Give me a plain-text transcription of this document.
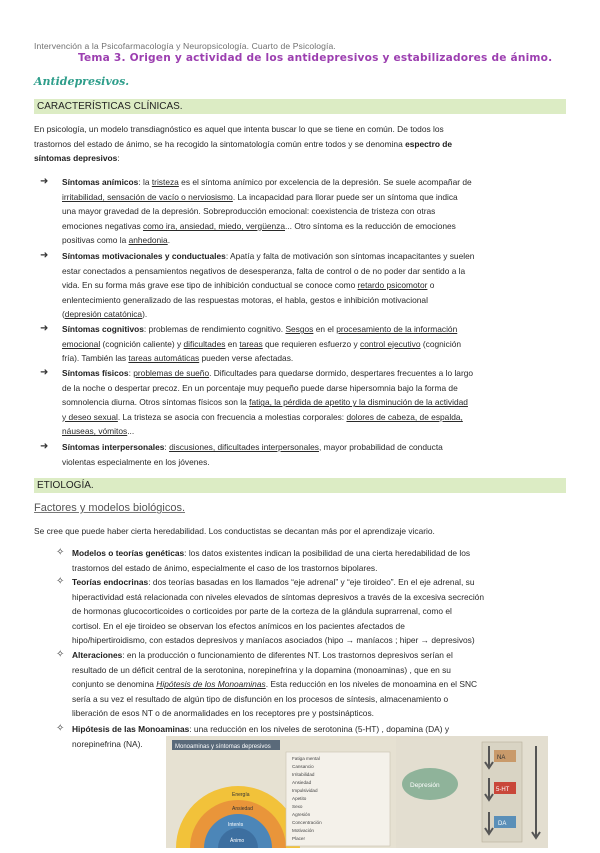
Intervención a la Psicofarmacología y Neuropsicología. Cuarto de Psicología.
Tema 3. Origen y actividad de los antidepresivos y estabilizadores de ánimo.
Antidepresivos.
CARACTERÍSTICAS CLÍNICAS.

En psicología, un modelo transdiagnóstico es aquel que intenta buscar lo que se tiene en común. De todos los
trastornos del estado de ánimo, se ha recogido la sintomatología común entre todos y se denomina espectro de
síntomas depresivos:

➜ Síntomas anímicos: la tristeza es el síntoma anímico por excelencia de la depresión. Se suele acompañar de
irritabilidad, sensación de vacío o nerviosismo. La incapacidad para llorar puede ser un síntoma que indica
una mayor gravedad de la depresión. Sobreproducción emocional: coexistencia de tristeza con otras
emociones negativas como ira, ansiedad, miedo, vergüenza... Otro síntoma es la reducción de emociones
positivas como la anhedonia.

➜ Síntomas motivacionales y conductuales: Apatía y falta de motivación son síntomas incapacitantes y suelen
estar conectados a pensamientos negativos de desesperanza, falta de control o de no poder dar sentido a la
vida. En su forma más grave ese tipo de inhibición conductual se conoce como retardo psicomotor o
enlentecimiento generalizado de las respuestas motoras, el habla, gestos e inhibición motivacional
(depresión catatónica).

➜ Síntomas cognitivos: problemas de rendimiento cognitivo. Sesgos en el procesamiento de la información
emocional (cognición caliente) y dificultades en tareas que requieren esfuerzo y control ejecutivo (cognición
fría). También las tareas automáticas pueden verse afectadas.

➜ Síntomas físicos: problemas de sueño. Dificultades para quedarse dormido, despertares frecuentes a lo largo
de la noche o despertar precoz. En un porcentaje muy pequeño puede darse hipersomnia bajo la forma de
somnolencia diurna. Otros síntomas físicos son la fatiga, la pérdida de apetito y la disminución de la actividad
y deseo sexual. La tristeza se asocia con frecuencia a molestias corporales: dolores de cabeza, de espalda,
náuseas, vómitos...

➜ Síntomas interpersonales: discusiones, dificultades interpersonales, mayor probabilidad de conducta
violentas especialmente en los jóvenes.

ETIOLOGÍA.
Factores y modelos biológicos.

Se cree que puede haber cierta heredabilidad. Los conductistas se decantan más por el aprendizaje vicario.

✧ Modelos o teorías genéticas: los datos existentes indican la posibilidad de una cierta heredabilidad de los
trastornos del estado de ánimo, especialmente el caso de los trastornos bipolares.

✧ Teorías endocrinas: dos teorías basadas en los llamados “eje adrenal” y “eje tiroideo”. En el eje adrenal, su
hiperactividad está relacionada con niveles elevados de síntomas depresivos a través de la excesiva secreción
de hormonas glucocorticoides o corticoides por parte de la corteza de la glándula suprarrenal, como el
cortisol. En el eje tiroideo se observan los efectos anímicos en los pacientes afectados de
hipo/hipertiroidismo, con estados depresivos y maníacos asociados (hipo → maníacos ; hiper → depresivos)

✧ Alteraciones: en la producción o funcionamiento de diferentes NT. Los trastornos depresivos serían el
resultado de un déficit central de la serotonina, norepinefrina y la dopamina (monoaminas) , que en su
conjunto se denomina Hipótesis de los Monoaminas. Esta reducción en los niveles de monoamina en el SNC
sería a su vez el resultado de algún tipo de disfunción en los procesos de síntesis, almacenamiento o
liberación de esos NT o de anormalidades en los receptores pre y postsinápticos.

✧ Hipótesis de las Monoaminas: una reducción en los niveles de serotonina (5-HT) , dopamina (DA) y
norepinefrina (NA).	Monoaminas y síntomas depresivos
Energía
Ansiedad
Interés
Ánimo
Fatiga mental
Cansancio
Irritabilidad
Ansiedad
Impulsividad
Apetito
Sexo
Agresión
Concentración
Motivación
Placer
Depresión
NA
5-HT
DA
